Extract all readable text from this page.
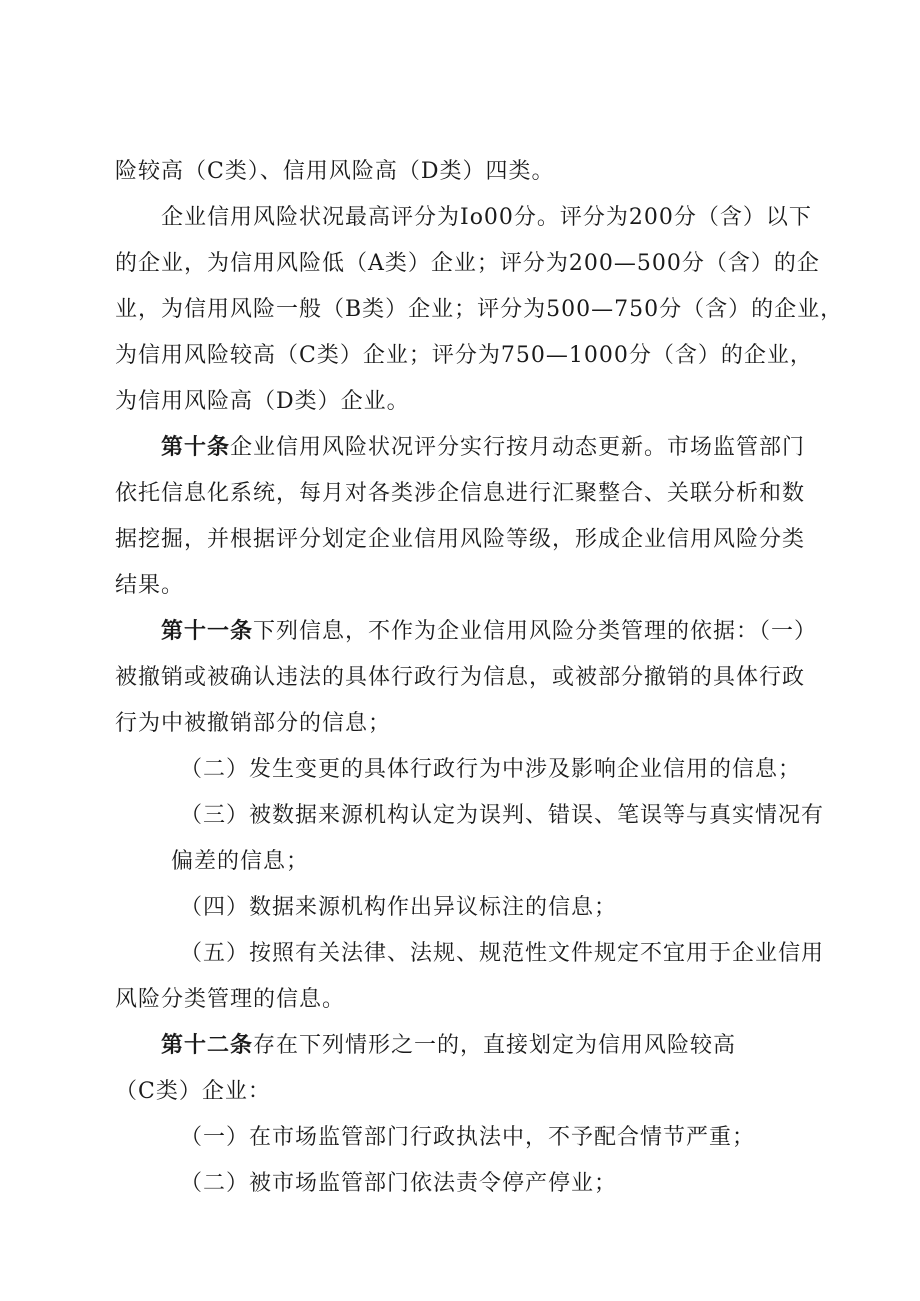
险较高（C类）、信用风险高（D类）四类。
企业信用风险状况最高评分为Io00分。评分为200分（含）以下
的企业，为信用风险低（A类）企业；评分为200—500分（含）的企
业，为信用风险一般（B类）企业；评分为500—750分（含）的企业，
为信用风险较高（C类）企业；评分为750—1000分（含）的企业，
为信用风险高（D类）企业。
第十条企业信用风险状况评分实行按月动态更新。市场监管部门
依托信息化系统，每月对各类涉企信息进行汇聚整合、关联分析和数
据挖掘，并根据评分划定企业信用风险等级，形成企业信用风险分类
结果。
第十一条下列信息，不作为企业信用风险分类管理的依据：（一）
被撤销或被确认违法的具体行政行为信息，或被部分撤销的具体行政
行为中被撤销部分的信息；
（二）发生变更的具体行政行为中涉及影响企业信用的信息；
（三）被数据来源机构认定为误判、错误、笔误等与真实情况有
偏差的信息；
（四）数据来源机构作出异议标注的信息；
（五）按照有关法律、法规、规范性文件规定不宜用于企业信用
风险分类管理的信息。
第十二条存在下列情形之一的，直接划定为信用风险较高
（C类）企业：
（一）在市场监管部门行政执法中，不予配合情节严重；
（二）被市场监管部门依法责令停产停业；
